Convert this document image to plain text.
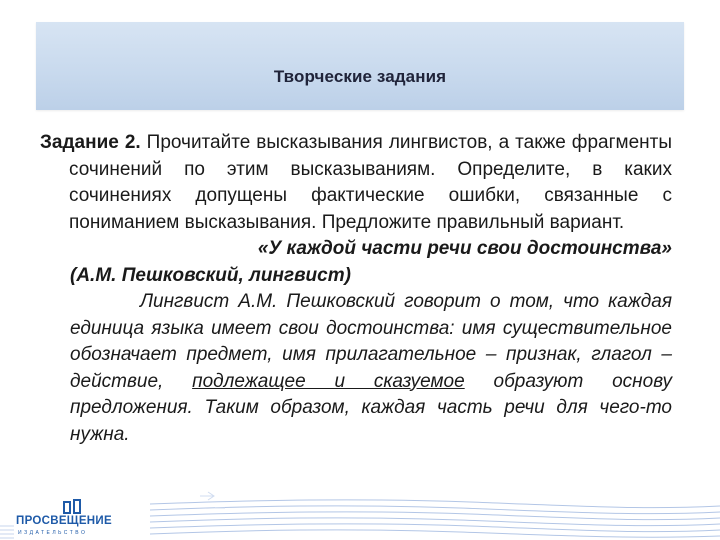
Творческие задания

Задание 2. Прочитайте высказывания лингвистов, а также фрагменты сочинений по этим высказываниям. Определите, в каких сочинениях допущены фактические ошибки, связанные с пониманием высказывания. Предложите правильный вариант.

«У каждой части речи свои достоинства»

(А.М. Пешковский, лингвист)

Лингвист А.М. Пешковский говорит о том, что каждая единица языка имеет свои достоинства: имя существительное обозначает предмет, имя прилагательное – признак, глагол – действие, подлежащее и сказуемое образуют основу предложения. Таким образом, каждая часть речи для чего-то нужна.

ПРОСВЕЩЕНИЕ
ИЗДАТЕЛЬСТВО
